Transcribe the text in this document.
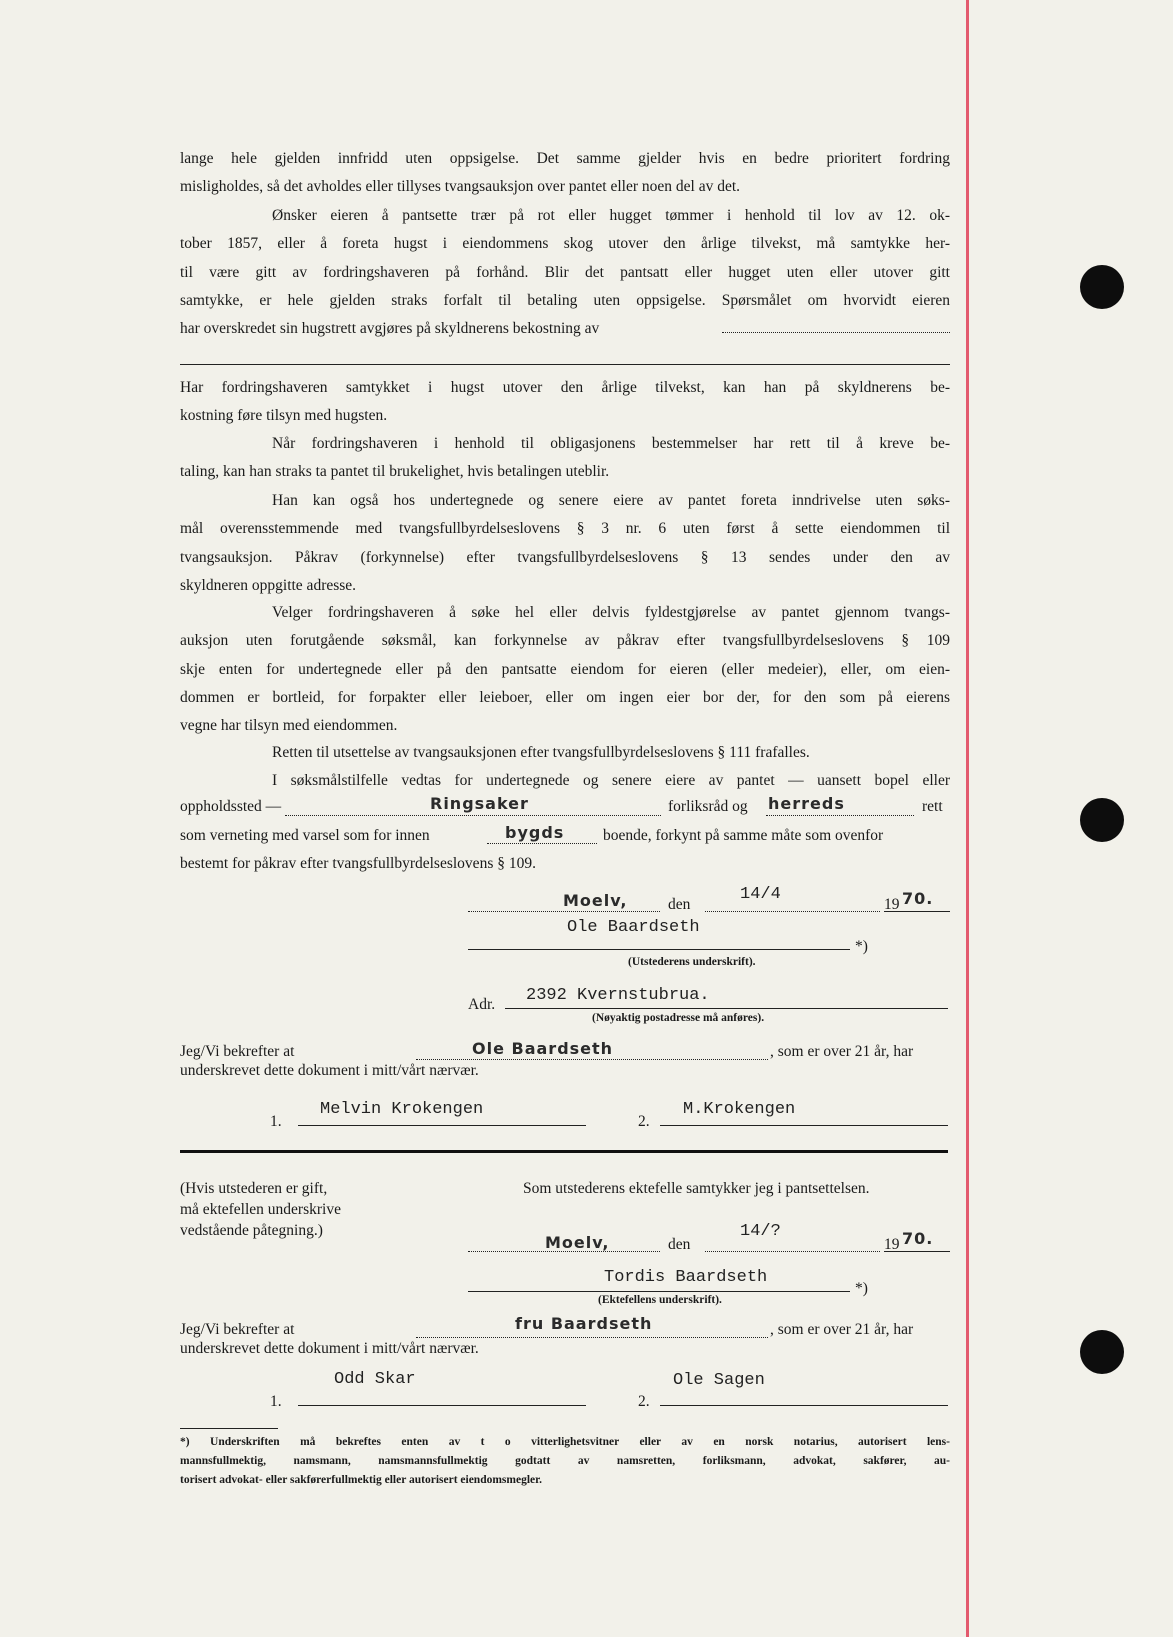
lange hele gjelden innfridd uten oppsigelse. Det samme gjelder hvis en bedre prioritert fordring
misligholdes, så det avholdes eller tillyses tvangsauksjon over pantet eller noen del av det.
Ønsker eieren å pantsette trær på rot eller hugget tømmer i henhold til lov av 12. ok-
tober 1857, eller å foreta hugst i eiendommens skog utover den årlige tilvekst, må samtykke her-
til være gitt av fordringshaveren på forhånd. Blir det pantsatt eller hugget uten eller utover gitt
samtykke, er hele gjelden straks forfalt til betaling uten oppsigelse. Spørsmålet om hvorvidt eieren
har overskredet sin hugstrett avgjøres på skyldnerens bekostning av
Har fordringshaveren samtykket i hugst utover den årlige tilvekst, kan han på skyldnerens be-
kostning føre tilsyn med hugsten.
Når fordringshaveren i henhold til obligasjonens bestemmelser har rett til å kreve be-
taling, kan han straks ta pantet til brukelighet, hvis betalingen uteblir.
Han kan også hos undertegnede og senere eiere av pantet foreta inndrivelse uten søks-
mål overensstemmende med tvangsfullbyrdelseslovens § 3 nr. 6 uten først å sette eiendommen til
tvangsauksjon. Påkrav (forkynnelse) efter tvangsfullbyrdelseslovens § 13 sendes under den av
skyldneren oppgitte adresse.
Velger fordringshaveren å søke hel eller delvis fyldestgjørelse av pantet gjennom tvangs-
auksjon uten forutgående søksmål, kan forkynnelse av påkrav efter tvangsfullbyrdelseslovens § 109
skje enten for undertegnede eller på den pantsatte eiendom for eieren (eller medeier), eller, om eien-
dommen er bortleid, for forpakter eller leieboer, eller om ingen eier bor der, for den som på eierens
vegne har tilsyn med eiendommen.
Retten til utsettelse av tvangsauksjonen efter tvangsfullbyrdelseslovens § 111 frafalles.
I søksmålstilfelle vedtas for undertegnede og senere eiere av pantet — uansett bopel eller
oppholdssted —	Ringsaker	forliksråd og herreds	rett
som verneting med varsel som for innen	bygds boende, forkynt på samme måte som ovenfor
bestemt for påkrav efter tvangsfullbyrdelseslovens § 109.
Moelv,	den
14/4
19 70.
Ole Baardseth
*)
(Utstederens underskrift).
Adr. 2392 Kvernstubrua.
(Nøyaktig postadresse må anføres).
Jeg/Vi bekrefter at	Ole Baardseth	, som er over 21 år, har
underskrevet dette dokument i mitt/vårt nærvær.
1.
Melvin Krokengen
2.
M.Krokengen
(Hvis utstederen er gift,
må ektefellen underskrive
vedstående påtegning.)
Som utstederens ektefelle samtykker jeg i pantsettelsen.
Moelv,	den
14/?
19 70.
Tordis Baardseth
*)
(Ektefellens underskrift).
Jeg/Vi bekrefter at	fru Baardseth	, som er over 21 år, har
underskrevet dette dokument i mitt/vårt nærvær.
1.
Odd Skar
2.
Ole Sagen
*) Underskriften må bekreftes enten av t o vitterlighetsvitner eller av en norsk notarius, autorisert lens-
mannsfullmektig, namsmann, namsmannsfullmektig godtatt av namsretten, forliksmann, advokat, sakfører, au-
torisert advokat- eller sakførerfullmektig eller autorisert eiendomsmegler.
